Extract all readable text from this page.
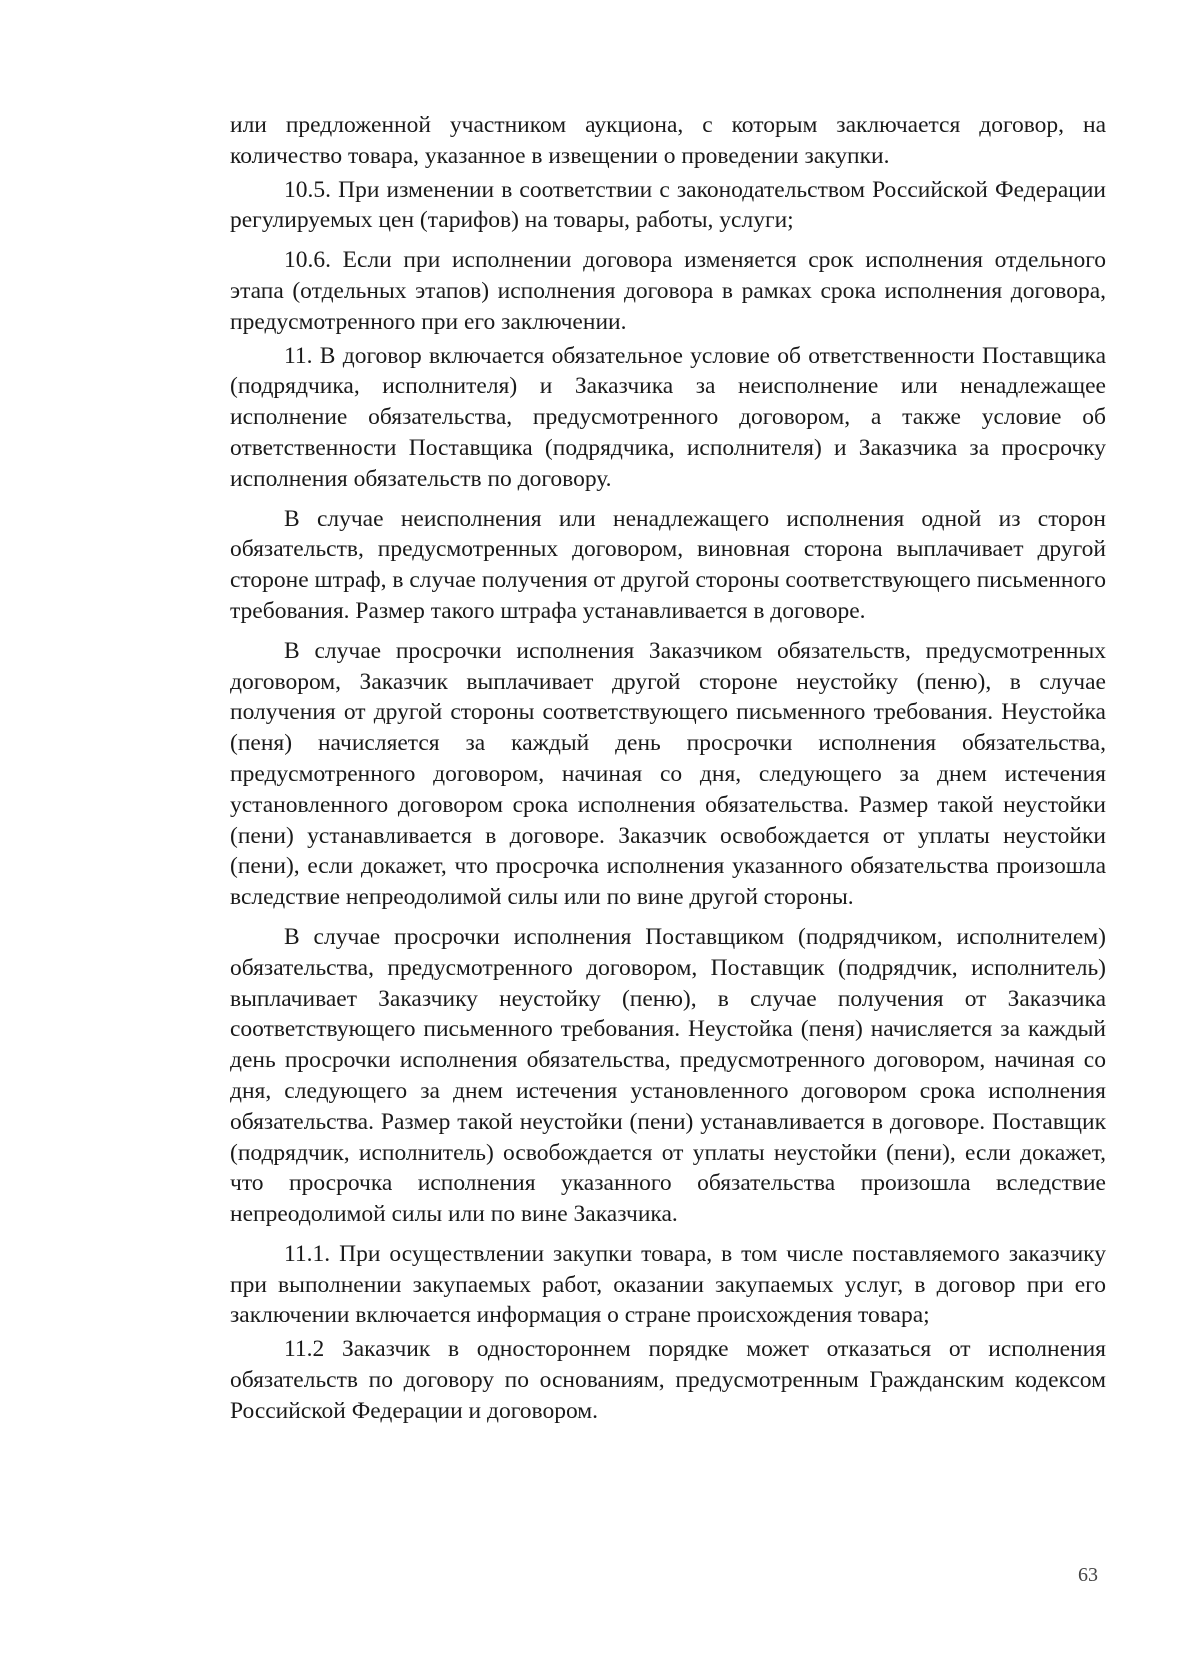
или предложенной участником аукциона, с которым заключается договор, на количество товара, указанное в извещении о проведении закупки.

10.5. При изменении в соответствии с законодательством Российской Федерации регулируемых цен (тарифов) на товары, работы, услуги;

10.6. Если при исполнении договора изменяется срок исполнения отдельного этапа (отдельных этапов) исполнения договора в рамках срока исполнения договора, предусмотренного при его заключении.

11. В договор включается обязательное условие об ответственности Поставщика (подрядчика, исполнителя) и Заказчика за неисполнение или ненадлежащее исполнение обязательства, предусмотренного договором, а также условие об ответственности Поставщика (подрядчика, исполнителя) и Заказчика за просрочку исполнения обязательств по договору.

В случае неисполнения или ненадлежащего исполнения одной из сторон обязательств, предусмотренных договором, виновная сторона выплачивает другой стороне штраф, в случае получения от другой стороны соответствующего письменного требования. Размер такого штрафа устанавливается в договоре.

В случае просрочки исполнения Заказчиком обязательств, предусмотренных договором, Заказчик выплачивает другой стороне неустойку (пеню), в случае получения от другой стороны соответствующего письменного требования. Неустойка (пеня) начисляется за каждый день просрочки исполнения обязательства, предусмотренного договором, начиная со дня, следующего за днем истечения установленного договором срока исполнения обязательства. Размер такой неустойки (пени) устанавливается в договоре. Заказчик освобождается от уплаты неустойки (пени), если докажет, что просрочка исполнения указанного обязательства произошла вследствие непреодолимой силы или по вине другой стороны.

В случае просрочки исполнения Поставщиком (подрядчиком, исполнителем) обязательства, предусмотренного договором, Поставщик (подрядчик, исполнитель) выплачивает Заказчику неустойку (пеню), в случае получения от Заказчика соответствующего письменного требования. Неустойка (пеня) начисляется за каждый день просрочки исполнения обязательства, предусмотренного договором, начиная со дня, следующего за днем истечения установленного договором срока исполнения обязательства. Размер такой неустойки (пени) устанавливается в договоре. Поставщик (подрядчик, исполнитель) освобождается от уплаты неустойки (пени), если докажет, что просрочка исполнения указанного обязательства произошла вследствие непреодолимой силы или по вине Заказчика.

11.1. При осуществлении закупки товара, в том числе поставляемого заказчику при выполнении закупаемых работ, оказании закупаемых услуг, в договор при его заключении включается информация о стране происхождения товара;

11.2 Заказчик в одностороннем порядке может отказаться от исполнения обязательств по договору по основаниям, предусмотренным Гражданским кодексом Российской Федерации и договором.

63
